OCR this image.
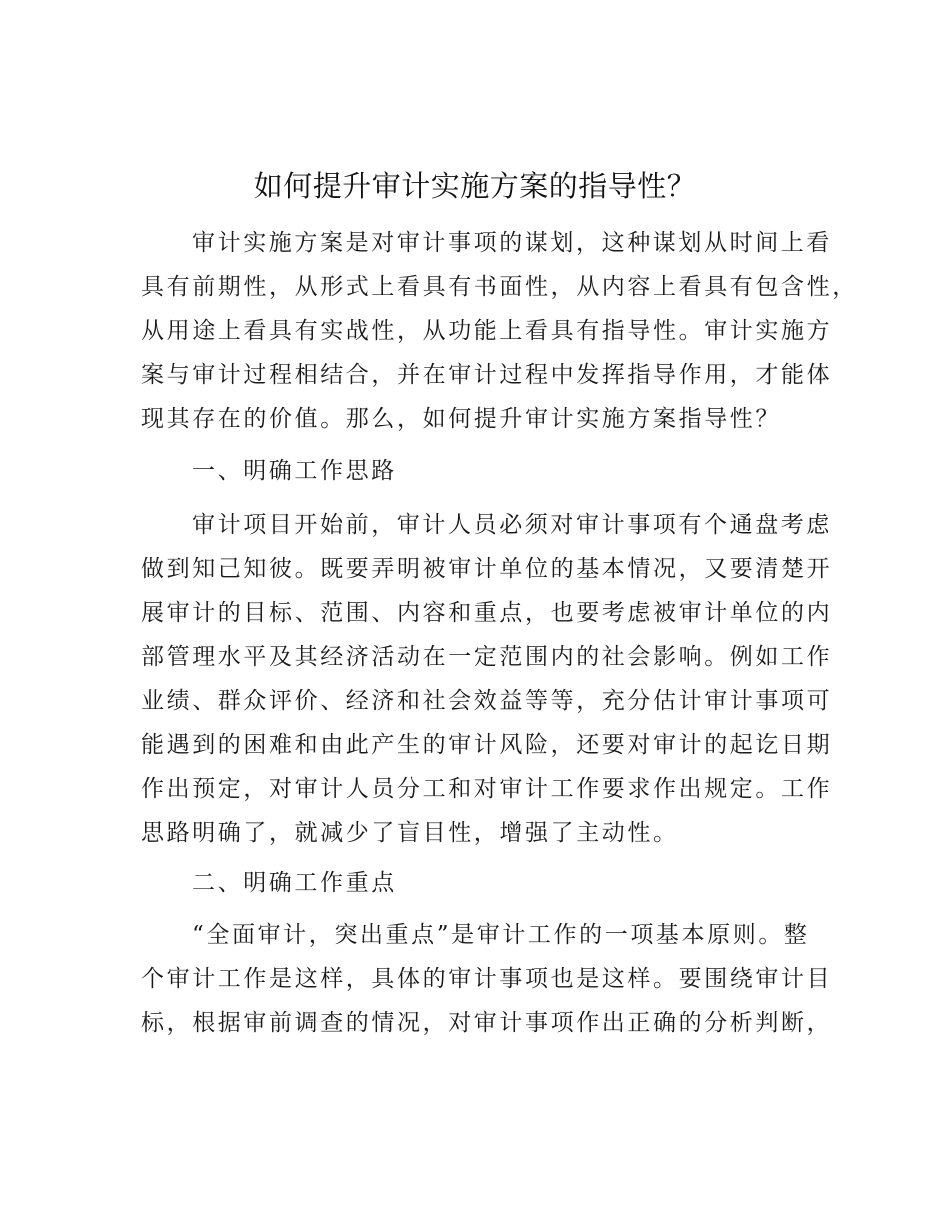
如何提升审计实施方案的指导性？
审计实施方案是对审计事项的谋划，这种谋划从时间上看
具有前期性，从形式上看具有书面性，从内容上看具有包含性，
从用途上看具有实战性，从功能上看具有指导性。审计实施方
案与审计过程相结合，并在审计过程中发挥指导作用，才能体
现其存在的价值。那么，如何提升审计实施方案指导性？
一、明确工作思路
审计项目开始前，审计人员必须对审计事项有个通盘考虑
做到知己知彼。既要弄明被审计单位的基本情况，又要清楚开
展审计的目标、范围、内容和重点，也要考虑被审计单位的内
部管理水平及其经济活动在一定范围内的社会影响。例如工作
业绩、群众评价、经济和社会效益等等，充分估计审计事项可
能遇到的困难和由此产生的审计风险，还要对审计的起讫日期
作出预定，对审计人员分工和对审计工作要求作出规定。工作
思路明确了，就减少了盲目性，增强了主动性。
二、明确工作重点
“全面审计，突出重点”是审计工作的一项基本原则。整
个审计工作是这样，具体的审计事项也是这样。要围绕审计目
标，根据审前调查的情况，对审计事项作出正确的分析判断，
